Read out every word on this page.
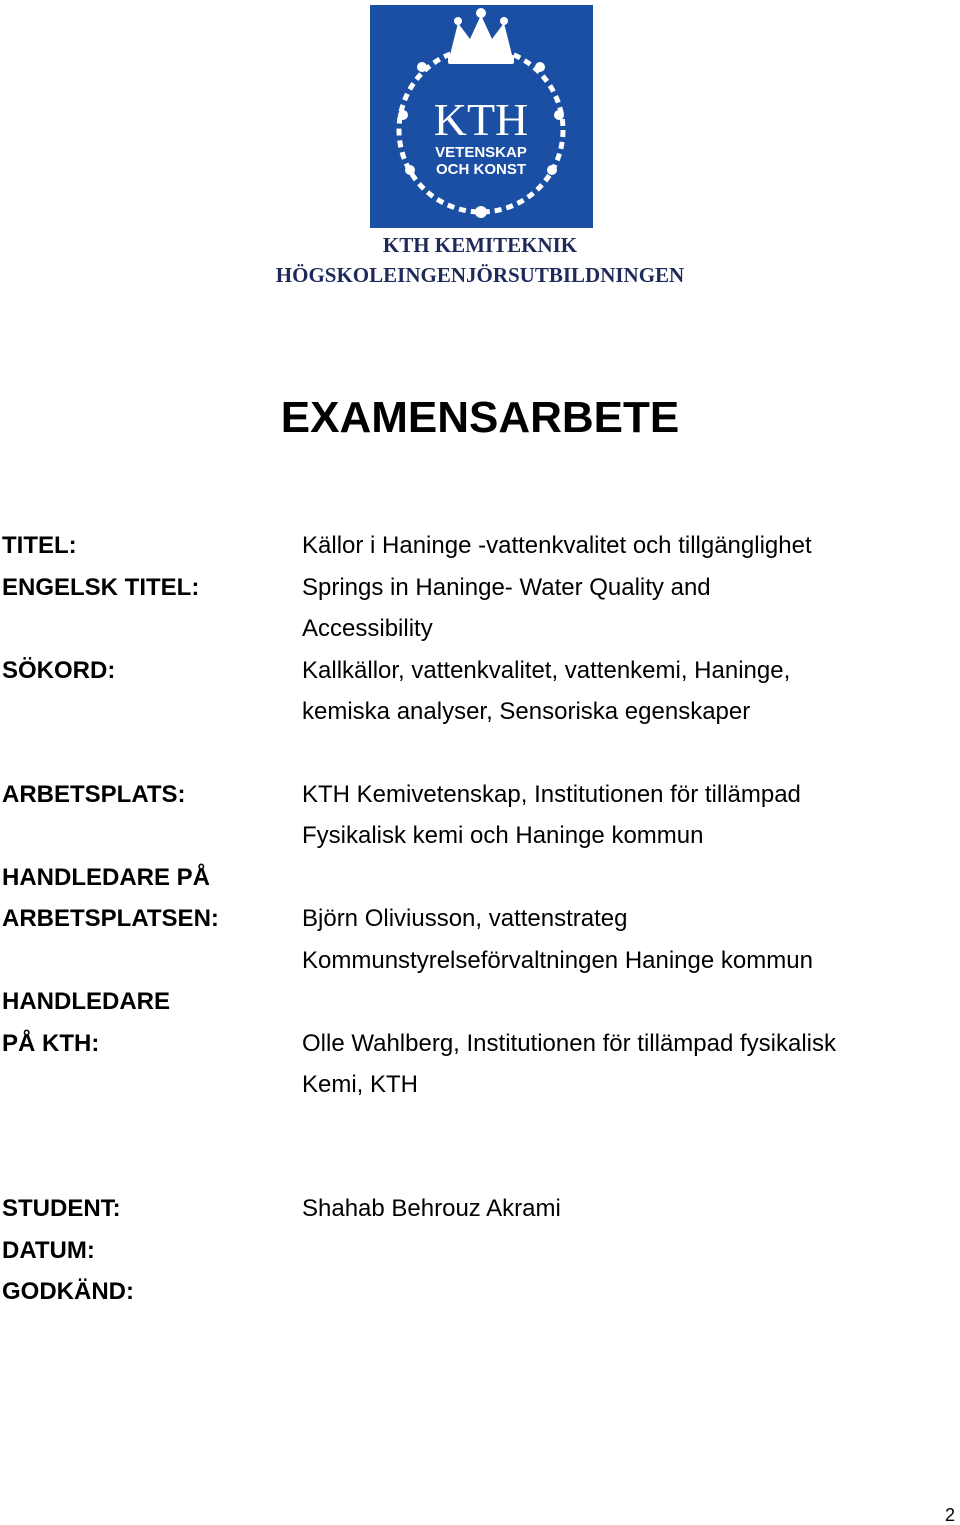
KTH
VETENSKAP
OCH KONST
KTH KEMITEKNIK
HÖGSKOLEINGENJÖRSUTBILDNINGEN
EXAMENSARBETE
TITEL:	Källor i Haninge -vattenkvalitet och tillgänglighet
ENGELSK TITEL:	Springs in Haninge- Water Quality and
Accessibility
SÖKORD:	Kallkällor, vattenkvalitet, vattenkemi, Haninge,
kemiska analyser, Sensoriska egenskaper
ARBETSPLATS:	KTH Kemivetenskap, Institutionen för tillämpad
Fysikalisk kemi och Haninge kommun
HANDLEDARE PÅ
ARBETSPLATSEN:	Björn Oliviusson, vattenstrateg
Kommunstyrelseförvaltningen Haninge kommun
HANDLEDARE
PÅ KTH:	Olle Wahlberg, Institutionen för tillämpad fysikalisk
Kemi, KTH
STUDENT:	Shahab Behrouz Akrami
DATUM:
GODKÄND:
2
